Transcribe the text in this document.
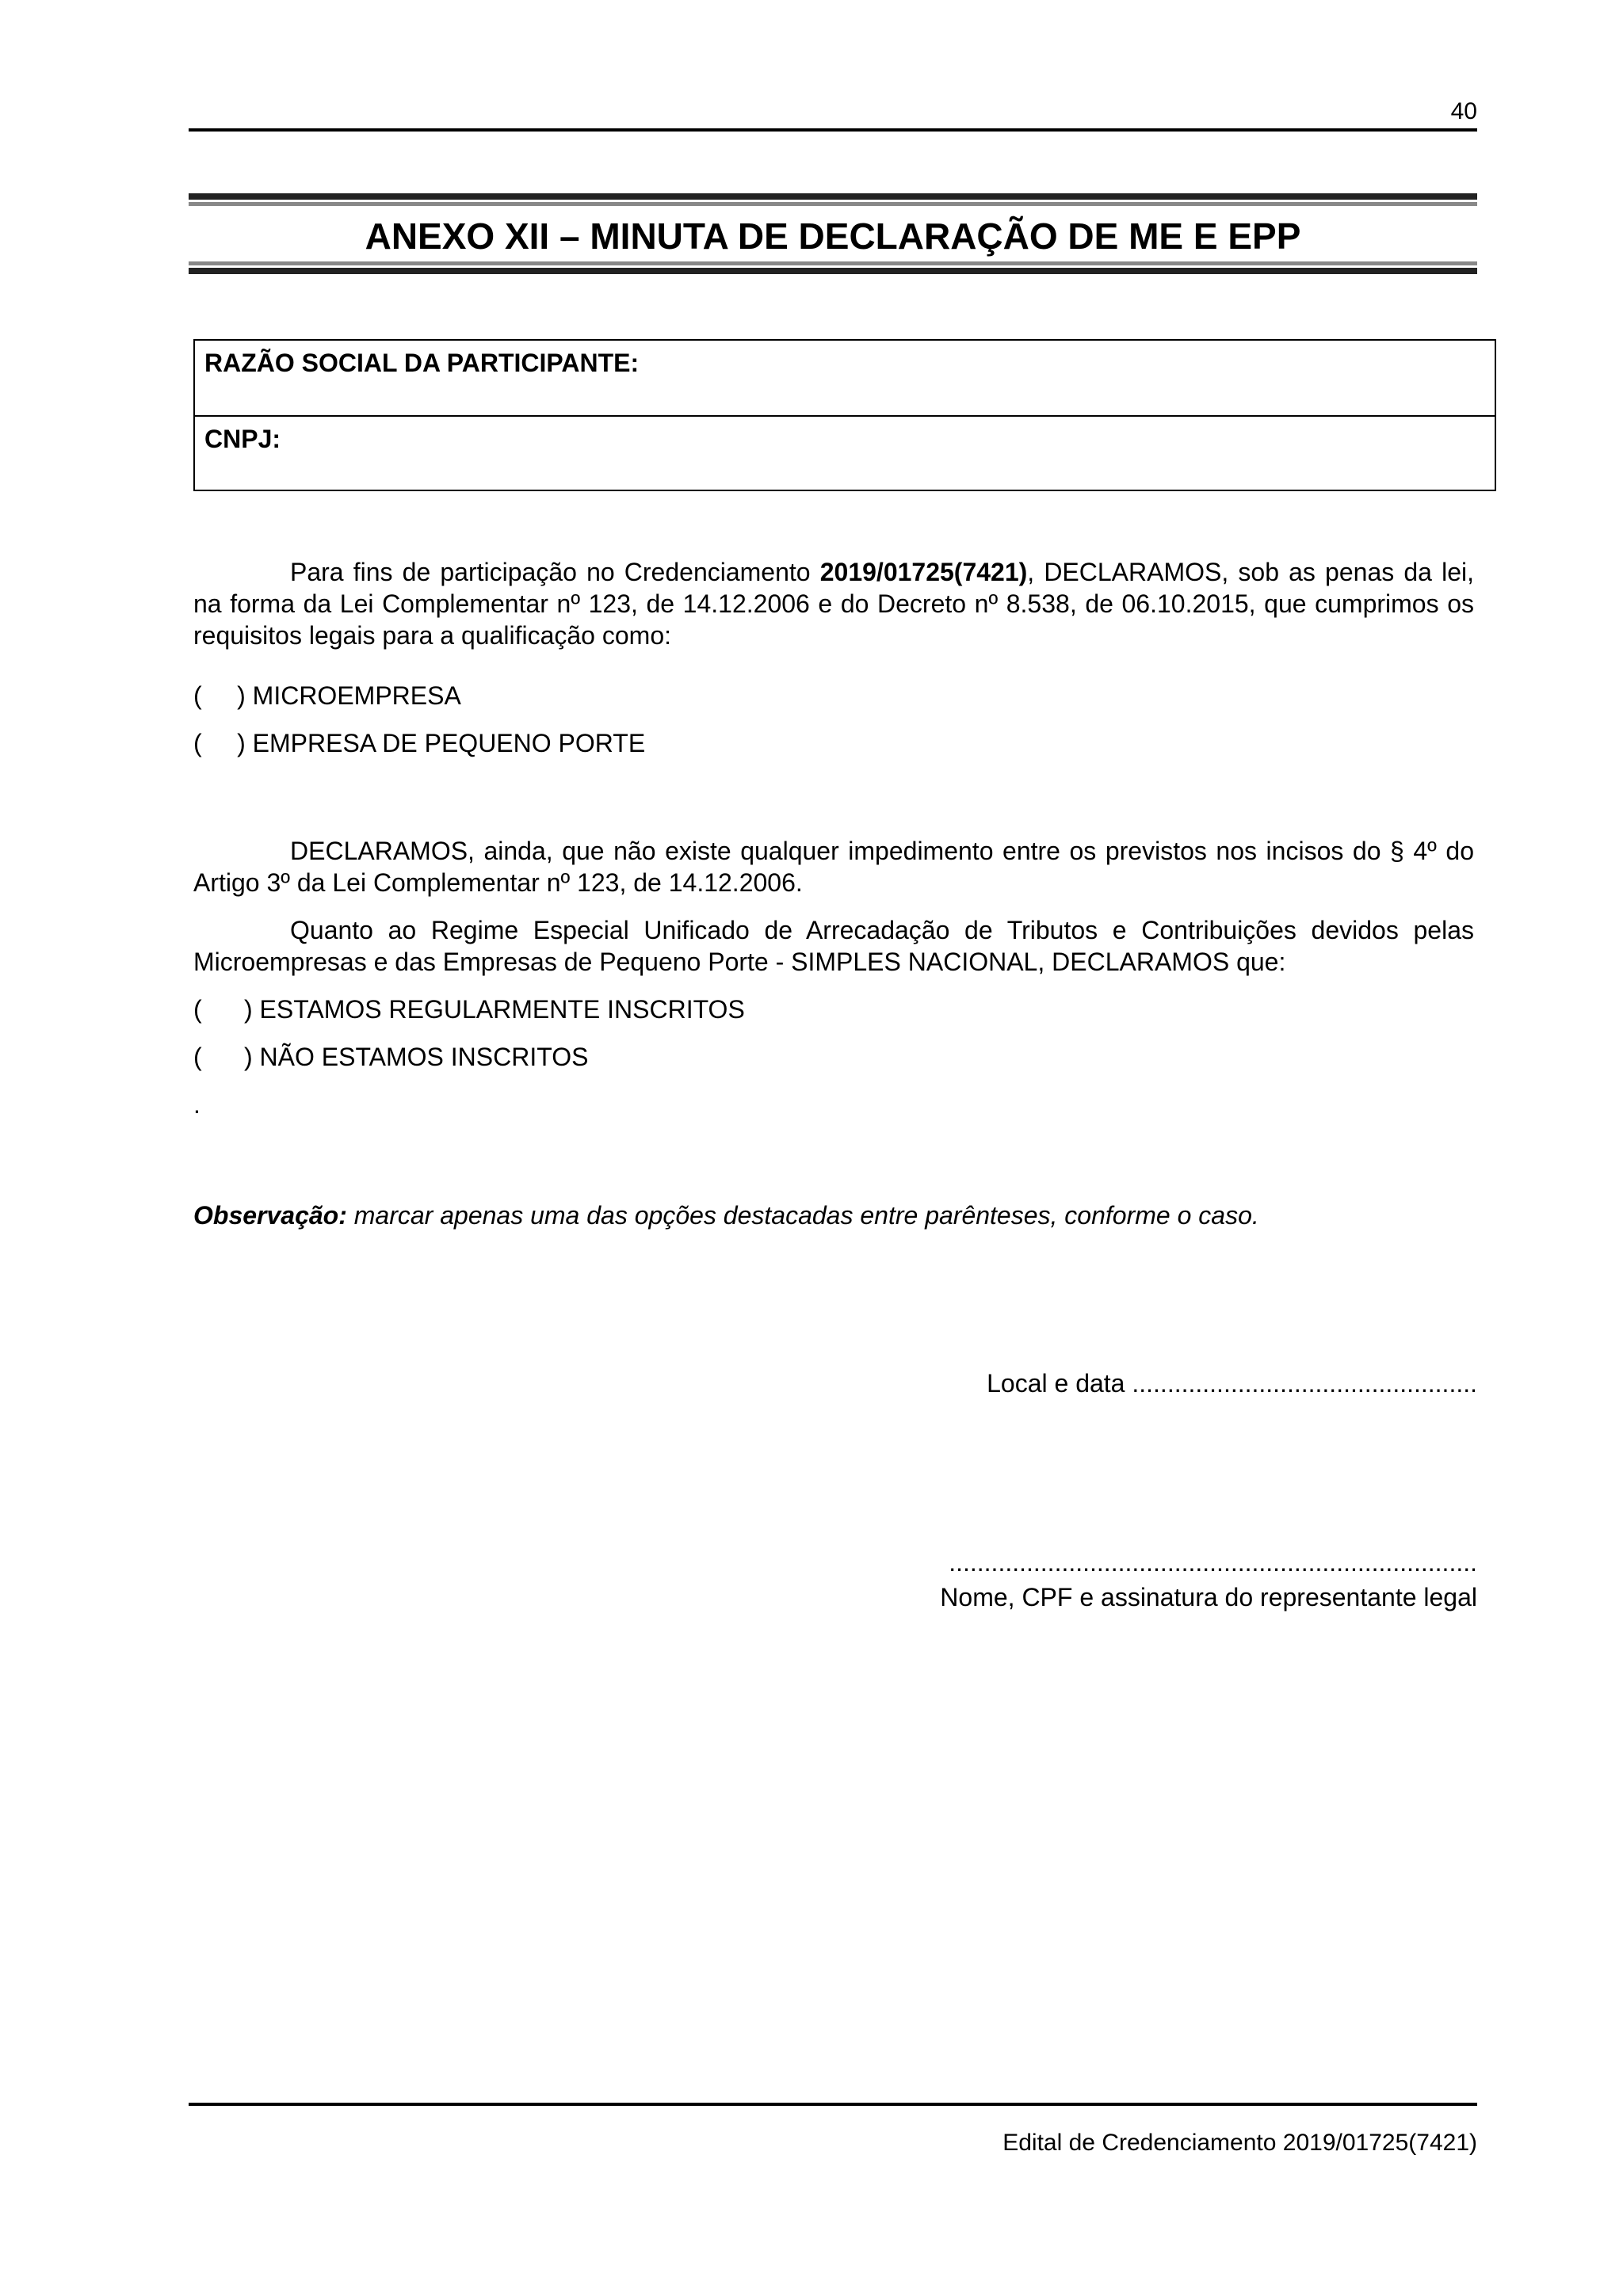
40
ANEXO XII – MINUTA DE DECLARAÇÃO DE ME E EPP
RAZÃO SOCIAL DA PARTICIPANTE:
CNPJ:

Para fins de participação no Credenciamento 2019/01725(7421), DECLARAMOS, sob as penas da lei, na forma da Lei Complementar nº 123, de 14.12.2006 e do Decreto nº 8.538, de 06.10.2015, que cumprimos os requisitos legais para a qualificação como:

(     ) MICROEMPRESA
(     ) EMPRESA DE PEQUENO PORTE

DECLARAMOS, ainda, que não existe qualquer impedimento entre os previstos nos incisos do § 4º do Artigo 3º da Lei Complementar nº 123, de 14.12.2006.

Quanto ao Regime Especial Unificado de Arrecadação de Tributos e Contribuições devidos pelas Microempresas e das Empresas de Pequeno Porte - SIMPLES NACIONAL, DECLARAMOS que:

(      ) ESTAMOS REGULARMENTE INSCRITOS
(      ) NÃO ESTAMOS INSCRITOS
.
Observação: marcar apenas uma das opções destacadas entre parênteses, conforme o caso.
Local e data .................................................
...........................................................................
Nome, CPF e assinatura do representante legal
Edital de Credenciamento 2019/01725(7421)
